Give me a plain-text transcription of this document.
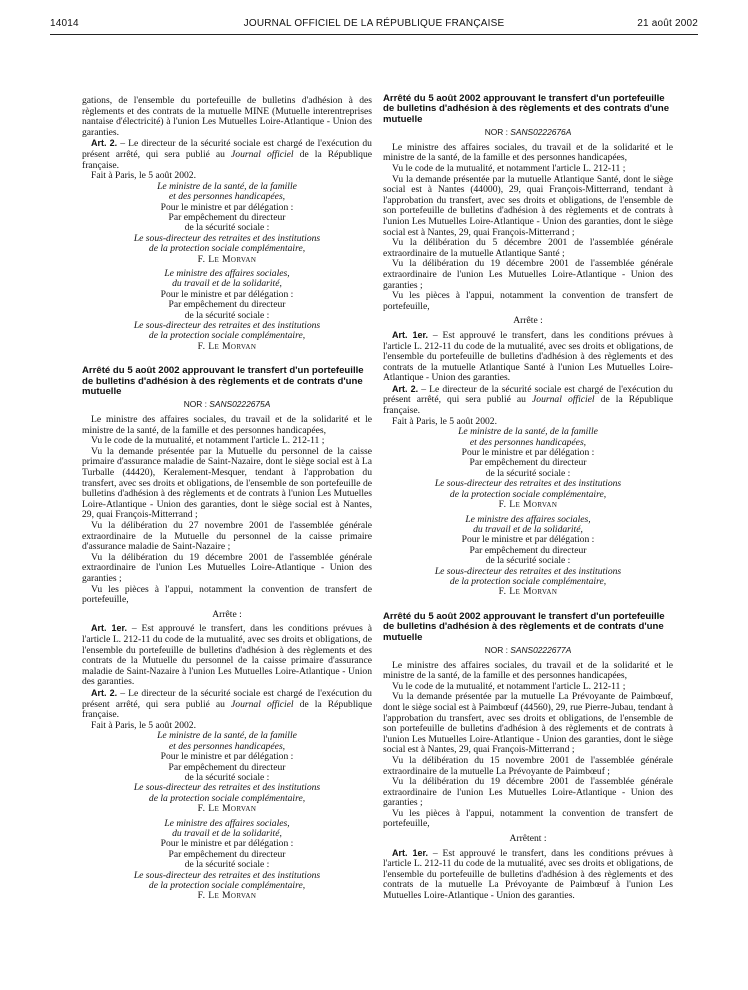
14014	JOURNAL OFFICIEL DE LA RÉPUBLIQUE FRANÇAISE	21 août 2002

gations, de l'ensemble du portefeuille de bulletins d'adhésion à des règlements et des contrats de la mutuelle MINE (Mutuelle interentreprises nantaise d'électricité) à l'union Les Mutuelles Loire-Atlantique - Union des garanties.

Art. 2. – Le directeur de la sécurité sociale est chargé de l'exécution du présent arrêté, qui sera publié au Journal officiel de la République française.

Fait à Paris, le 5 août 2002.

Le ministre de la santé, de la famille
et des personnes handicapées,
Pour le ministre et par délégation :
Par empêchement du directeur
de la sécurité sociale :
Le sous-directeur des retraites et des institutions
de la protection sociale complémentaire,
F. Le Morvan
Le ministre des affaires sociales,
du travail et de la solidarité,
Pour le ministre et par délégation :
Par empêchement du directeur
de la sécurité sociale :
Le sous-directeur des retraites et des institutions
de la protection sociale complémentaire,
F. Le Morvan

Arrêté du 5 août 2002 approuvant le transfert d'un portefeuille de bulletins d'adhésion à des règlements et de contrats d'une mutuelle

NOR : SANS0222675A

Le ministre des affaires sociales, du travail et de la solidarité et le ministre de la santé, de la famille et des personnes handicapées,

Vu le code de la mutualité, et notamment l'article L. 212-11 ;

Vu la demande présentée par la Mutuelle du personnel de la caisse primaire d'assurance maladie de Saint-Nazaire, dont le siège social est à La Turballe (44420), Keralement-Mesquer, tendant à l'approbation du transfert, avec ses droits et obligations, de l'ensemble de son portefeuille de bulletins d'adhésion à des règlements et de contrats à l'union Les Mutuelles Loire-Atlantique - Union des garanties, dont le siège social est à Nantes, 29, quai François-Mitterrand ;

Vu la délibération du 27 novembre 2001 de l'assemblée générale extraordinaire de la Mutuelle du personnel de la caisse primaire d'assurance maladie de Saint-Nazaire ;

Vu la délibération du 19 décembre 2001 de l'assemblée générale extraordinaire de l'union Les Mutuelles Loire-Atlantique - Union des garanties ;

Vu les pièces à l'appui, notamment la convention de transfert de portefeuille,

Arrête :

Art. 1er. – Est approuvé le transfert, dans les conditions prévues à l'article L. 212-11 du code de la mutualité, avec ses droits et obligations, de l'ensemble du portefeuille de bulletins d'adhésion à des règlements et des contrats de la Mutuelle du personnel de la caisse primaire d'assurance maladie de Saint-Nazaire à l'union Les Mutuelles Loire-Atlantique - Union des garanties.

Art. 2. – Le directeur de la sécurité sociale est chargé de l'exécution du présent arrêté, qui sera publié au Journal officiel de la République française.

Fait à Paris, le 5 août 2002.

Le ministre de la santé, de la famille
et des personnes handicapées,
Pour le ministre et par délégation :
Par empêchement du directeur
de la sécurité sociale :
Le sous-directeur des retraites et des institutions
de la protection sociale complémentaire,
F. Le Morvan
Le ministre des affaires sociales,
du travail et de la solidarité,
Pour le ministre et par délégation :
Par empêchement du directeur
de la sécurité sociale :
Le sous-directeur des retraites et des institutions
de la protection sociale complémentaire,
F. Le Morvan

Arrêté du 5 août 2002 approuvant le transfert d'un portefeuille de bulletins d'adhésion à des règlements et des contrats d'une mutuelle

NOR : SANS0222676A

Le ministre des affaires sociales, du travail et de la solidarité et le ministre de la santé, de la famille et des personnes handicapées,

Vu le code de la mutualité, et notamment l'article L. 212-11 ;

Vu la demande présentée par la mutuelle Atlantique Santé, dont le siège social est à Nantes (44000), 29, quai François-Mitterrand, tendant à l'approbation du transfert, avec ses droits et obligations, de l'ensemble de son portefeuille de bulletins d'adhésion à des règlements et de contrats à l'union Les Mutuelles Loire-Atlantique - Union des garanties, dont le siège social est à Nantes, 29, quai François-Mitterrand ;

Vu la délibération du 5 décembre 2001 de l'assemblée générale extraordinaire de la mutuelle Atlantique Santé ;

Vu la délibération du 19 décembre 2001 de l'assemblée générale extraordinaire de l'union Les Mutuelles Loire-Atlantique - Union des garanties ;

Vu les pièces à l'appui, notamment la convention de transfert de portefeuille,

Arrête :

Art. 1er. – Est approuvé le transfert, dans les conditions prévues à l'article L. 212-11 du code de la mutualité, avec ses droits et obligations, de l'ensemble du portefeuille de bulletins d'adhésion à des règlements et des contrats de la mutuelle Atlantique Santé à l'union Les Mutuelles Loire-Atlantique - Union des garanties.

Art. 2. – Le directeur de la sécurité sociale est chargé de l'exécution du présent arrêté, qui sera publié au Journal officiel de la République française.

Fait à Paris, le 5 août 2002.

Le ministre de la santé, de la famille
et des personnes handicapées,
Pour le ministre et par délégation :
Par empêchement du directeur
de la sécurité sociale :
Le sous-directeur des retraites et des institutions
de la protection sociale complémentaire,
F. Le Morvan
Le ministre des affaires sociales,
du travail et de la solidarité,
Pour le ministre et par délégation :
Par empêchement du directeur
de la sécurité sociale :
Le sous-directeur des retraites et des institutions
de la protection sociale complémentaire,
F. Le Morvan

Arrêté du 5 août 2002 approuvant le transfert d'un portefeuille de bulletins d'adhésion à des règlements et de contrats d'une mutuelle

NOR : SANS0222677A

Le ministre des affaires sociales, du travail et de la solidarité et le ministre de la santé, de la famille et des personnes handicapées,

Vu le code de la mutualité, et notamment l'article L. 212-11 ;

Vu la demande présentée par la mutuelle La Prévoyante de Paimbœuf, dont le siège social est à Paimbœuf (44560), 29, rue Pierre-Jubau, tendant à l'approbation du transfert, avec ses droits et obligations, de l'ensemble de son portefeuille de bulletins d'adhésion à des règlements et de contrats à l'union Les Mutuelles Loire-Atlantique - Union des garanties, dont le siège social est à Nantes, 29, quai François-Mitterrand ;

Vu la délibération du 15 novembre 2001 de l'assemblée générale extraordinaire de la mutuelle La Prévoyante de Paimbœuf ;

Vu la délibération du 19 décembre 2001 de l'assemblée générale extraordinaire de l'union Les Mutuelles Loire-Atlantique - Union des garanties ;

Vu les pièces à l'appui, notamment la convention de transfert de portefeuille,

Arrêtent :

Art. 1er. – Est approuvé le transfert, dans les conditions prévues à l'article L. 212-11 du code de la mutualité, avec ses droits et obligations, de l'ensemble du portefeuille de bulletins d'adhésion à des règlements et des contrats de la mutuelle La Prévoyante de Paimbœuf à l'union Les Mutuelles Loire-Atlantique - Union des garanties.
